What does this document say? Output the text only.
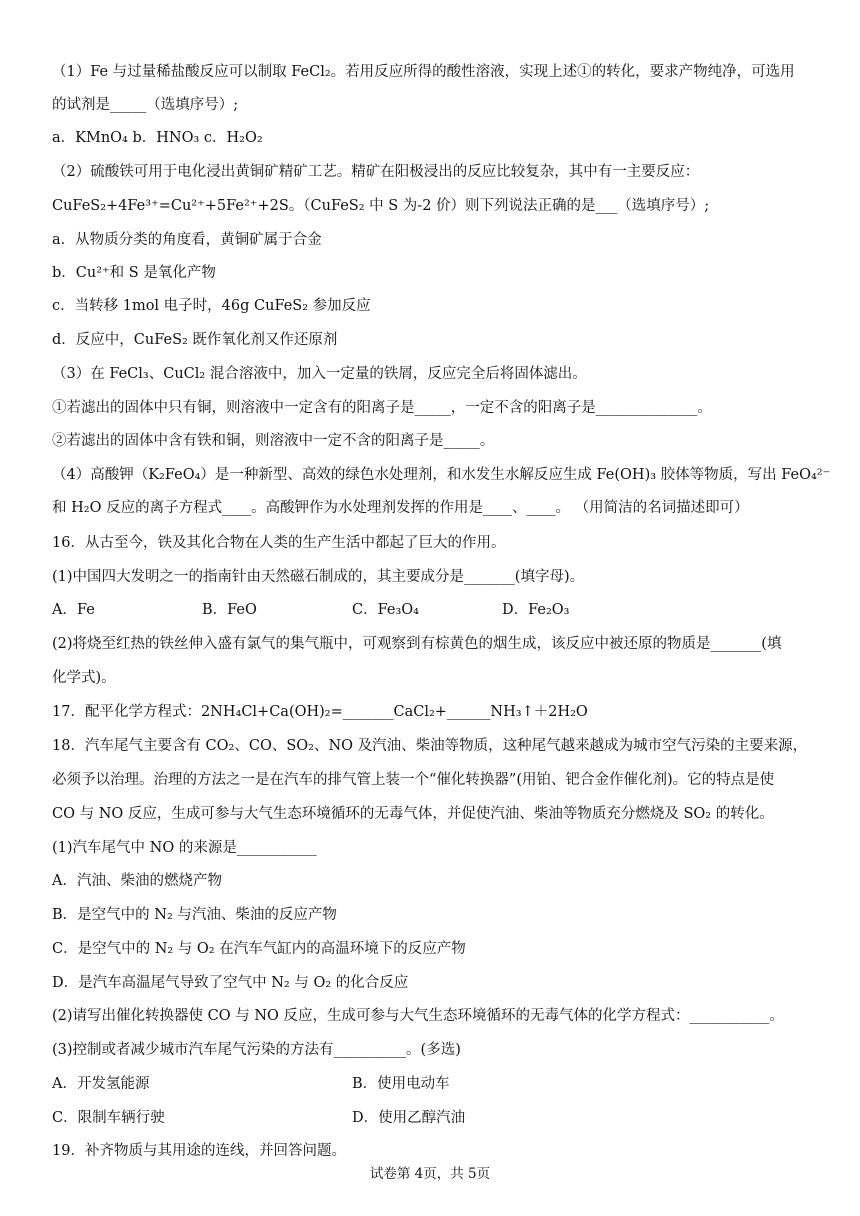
（1）Fe 与过量稀盐酸反应可以制取 FeCl₂。若用反应所得的酸性溶液，实现上述①的转化，要求产物纯净，可选用
的试剂是_____（选填序号）;
a．KMnO₄ b．HNO₃ c．H₂O₂
（2）硫酸铁可用于电化浸出黄铜矿精矿工艺。精矿在阳极浸出的反应比较复杂，其中有一主要反应：
CuFeS₂+4Fe³⁺=Cu²⁺+5Fe²⁺+2S。（CuFeS₂ 中 S 为-2 价）则下列说法正确的是___（选填序号）;
a．从物质分类的角度看，黄铜矿属于合金
b．Cu²⁺和 S 是氧化产物
c．当转移 1mol 电子时，46g CuFeS₂ 参加反应
d．反应中，CuFeS₂ 既作氧化剂又作还原剂
（3）在 FeCl₃、CuCl₂ 混合溶液中，加入一定量的铁屑，反应完全后将固体滤出。
①若滤出的固体中只有铜，则溶液中一定含有的阳离子是_____，一定不含的阳离子是______________。
②若滤出的固体中含有铁和铜，则溶液中一定不含的阳离子是_____。
（4）高酸钾（K₂FeO₄）是一种新型、高效的绿色水处理剂，和水发生水解反应生成 Fe(OH)₃ 胶体等物质，写出 FeO₄²⁻
和 H₂O 反应的离子方程式____。高酸钾作为水处理剂发挥的作用是____、____。 （用简洁的名词描述即可）
16．从古至今，铁及其化合物在人类的生产生活中都起了巨大的作用。
(1)中国四大发明之一的指南针由天然磁石制成的，其主要成分是_______(填字母)。
A．Fe	B．FeO	C．Fe₃O₄	D．Fe₂O₃
(2)将烧至红热的铁丝伸入盛有氯气的集气瓶中，可观察到有棕黄色的烟生成，该反应中被还原的物质是_______(填
化学式)。
17．配平化学方程式：2NH₄Cl+Ca(OH)₂=_______CaCl₂+______NH₃↑＋2H₂O
18．汽车尾气主要含有 CO₂、CO、SO₂、NO 及汽油、柴油等物质，这种尾气越来越成为城市空气污染的主要来源，
必须予以治理。治理的方法之一是在汽车的排气管上装一个“催化转换器”(用铂、钯合金作催化剂)。它的特点是使
CO 与 NO 反应，生成可参与大气生态环境循环的无毒气体，并促使汽油、柴油等物质充分燃烧及 SO₂ 的转化。
(1)汽车尾气中 NO 的来源是___________
A．汽油、柴油的燃烧产物
B．是空气中的 N₂ 与汽油、柴油的反应产物
C．是空气中的 N₂ 与 O₂ 在汽车气缸内的高温环境下的反应产物
D．是汽车高温尾气导致了空气中 N₂ 与 O₂ 的化合反应
(2)请写出催化转换器使 CO 与 NO 反应，生成可参与大气生态环境循环的无毒气体的化学方程式：___________。
(3)控制或者减少城市汽车尾气污染的方法有__________。(多选)
A．开发氢能源	B．使用电动车
C．限制车辆行驶	D．使用乙醇汽油
19．补齐物质与其用途的连线，并回答问题。
试卷第 4页，共 5页
